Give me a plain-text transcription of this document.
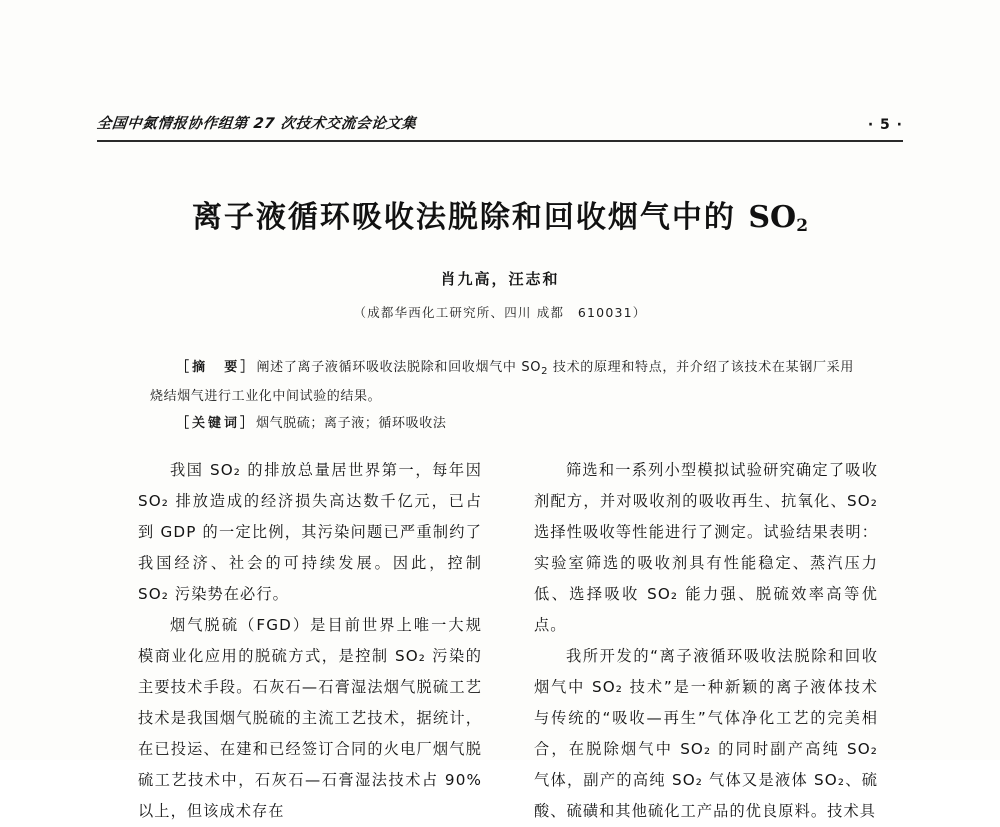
全国中氮情报协作组第 27 次技术交流会论文集	· 5 ·
离子液循环吸收法脱除和回收烟气中的 $SO_2$
肖九高，汪志和
（成都华西化工研究所、四川 成都　610031）

［摘　要］阐述了离子液循环吸收法脱除和回收烟气中 $SO_2$ 技术的原理和特点，并介绍了该技术在某钢厂采用烧结烟气进行工业化中间试验的结果。

［关键词］烟气脱硫；离子液；循环吸收法

我国 SO₂ 的排放总量居世界第一，每年因 SO₂ 排放造成的经济损失高达数千亿元，已占到 GDP 的一定比例，其污染问题已严重制约了我国经济、社会的可持续发展。因此，控制 SO₂ 污染势在必行。

烟气脱硫（FGD）是目前世界上唯一大规模商业化应用的脱硫方式，是控制 SO₂ 污染的主要技术手段。石灰石—石膏湿法烟气脱硫工艺技术是我国烟气脱硫的主流工艺技术，据统计，在已投运、在建和已经签订合同的火电厂烟气脱硫工艺技术中，石灰石—石膏湿法技术占 90% 以上，但该成术存在

筛选和一系列小型模拟试验研究确定了吸收剂配方，并对吸收剂的吸收再生、抗氧化、SO₂ 选择性吸收等性能进行了测定。试验结果表明：实验室筛选的吸收剂具有性能稳定、蒸汽压力低、选择吸收 SO₂ 能力强、脱硫效率高等优点。

我所开发的“离子液循环吸收法脱除和回收烟气中 SO₂ 技术”是一种新颖的离子液体技术与传统的“吸收—再生”气体净化工艺的完美相合，在脱除烟气中 SO₂ 的同时副产高纯 SO₂ 气体，副产的高纯 SO₂ 气体又是液体 SO₂、硫酸、硫磺和其他硫化工产品的优良原料。技术具
